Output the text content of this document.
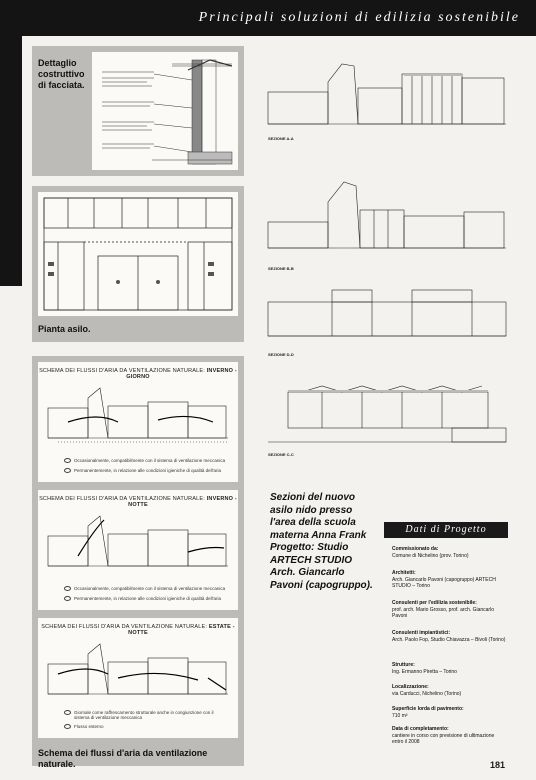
Principali soluzioni di edilizia sostenibile
Dettaglio costruttivo di facciata.
Pianta asilo.
SCHEMA DEI FLUSSI D'ARIA DA VENTILAZIONE NATURALE: INVERNO - GIORNO
Occasionalmente, compatibilmente con il sistema di ventilazione meccanica
Permanentemente, in relazione alle condizioni igieniche di qualità dell'aria
SCHEMA DEI FLUSSI D'ARIA DA VENTILAZIONE NATURALE: INVERNO - NOTTE
Occasionalmente, compatibilmente con il sistema di ventilazione meccanica
Permanentemente, in relazione alle condizioni igieniche di qualità dell'aria
SCHEMA DEI FLUSSI D'ARIA DA VENTILAZIONE NATURALE: ESTATE - NOTTE
Giornale come raffrescamento strutturale anche in congiunzione con il sistema di ventilazione meccanica
Flusso esterno
Schema dei flussi d'aria da ventilazione naturale.
SEZIONE A-A
SEZIONE B-B
SEZIONE D-D
SEZIONE C-C
Sezioni del nuovo asilo nido presso l'area della scuola materna Anna Frank Progetto: Studio ARTECH STUDIO Arch. Giancarlo Pavoni (capogruppo).
Dati di Progetto
Commissionato da:
Comune di Nichelino (prov. Torino)
Architetti:
Arch. Giancarlo Pavoni (capogruppo) ARTECH STUDIO – Torino
Consulenti per l'edilizia sostenibile:
prof. arch. Mario Grosso, prof. arch. Giancarlo Pavoni
Consulenti impiantistici:
Arch. Paolo Fop, Studio Chiavazza – Bivoli (Torino)
Strutture:
Ing. Ermanno Piretta – Torino
Localizzazione:
via Carducci, Nichelino (Torino)
Superficie lorda di pavimento:
710 m²
Data di completamento:
cantiere in corso con previsione di ultimazione entro il 2008
181
